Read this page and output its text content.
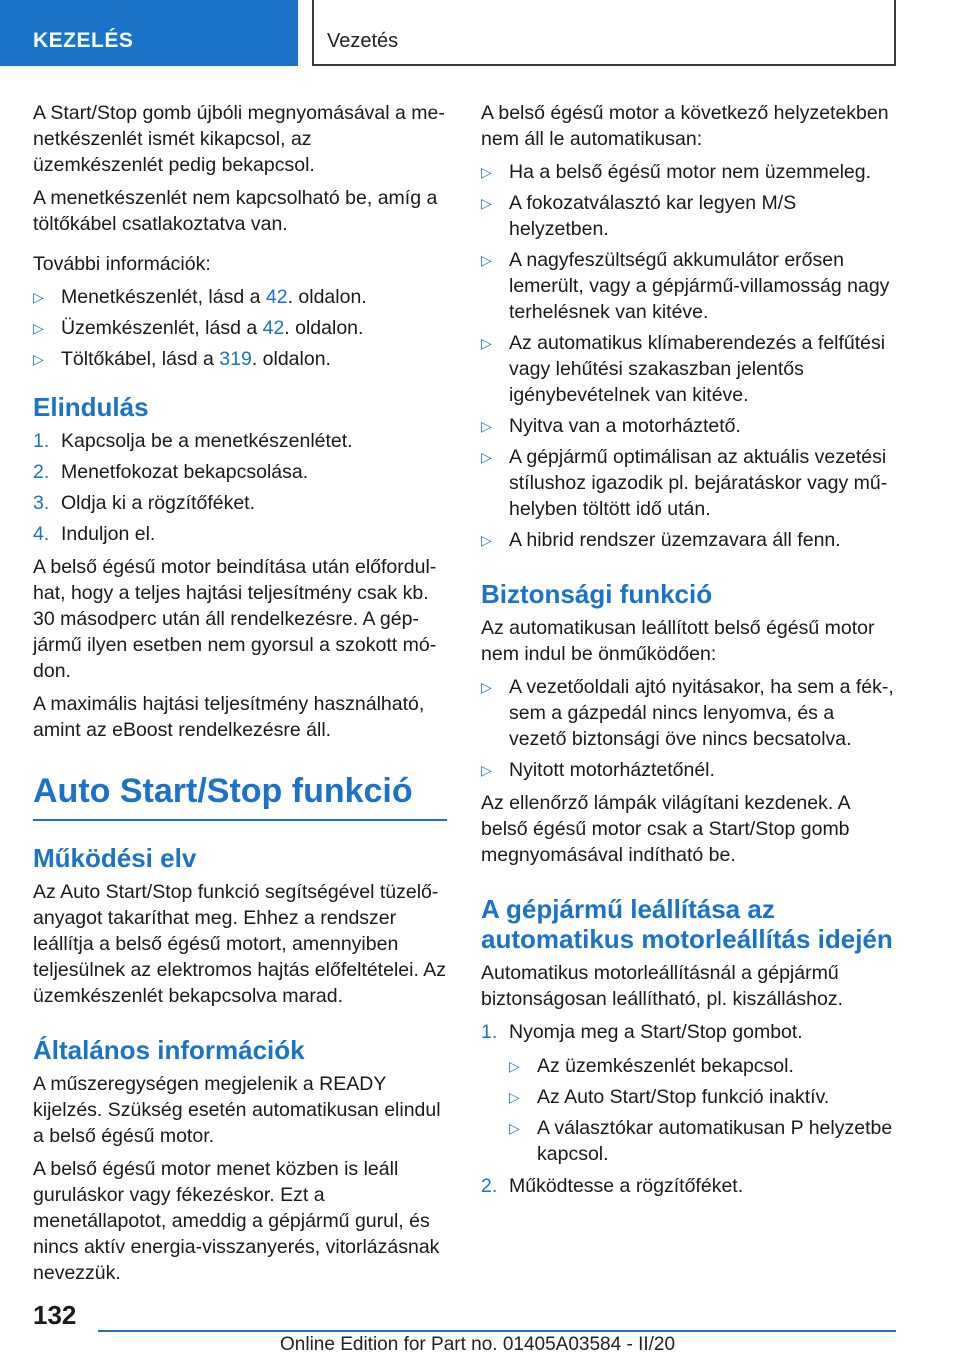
KEZELÉS	Vezetés

A Start/Stop gomb újbóli megnyomásával a menetkészenlét ismét kikapcsol, az üzemkészenlét pedig bekapcsol.

A menetkészenlét nem kapcsolható be, amíg a töltőkábel csatlakoztatva van.

További információk:

▷ Menetkészenlét, lásd a 42. oldalon.
▷ Üzemkészenlét, lásd a 42. oldalon.
▷ Töltőkábel, lásd a 319. oldalon.
Elindulás
1. Kapcsolja be a menetkészenlétet.
2. Menetfokozat bekapcsolása.
3. Oldja ki a rögzítőféket.
4. Induljon el.

A belső égésű motor beindítása után előfordulhat, hogy a teljes hajtási teljesítmény csak kb. 30 másodperc után áll rendelkezésre. A gépjármű ilyen esetben nem gyorsul a szokott módon.

A maximális hajtási teljesítmény használható, amint az eBoost rendelkezésre áll.

Auto Start/Stop funkció
Működési elv

Az Auto Start/Stop funkció segítségével tüzelőanyagot takaríthat meg. Ehhez a rendszer leállítja a belső égésű motort, amennyiben teljesülnek az elektromos hajtás előfeltételei. Az üzemkészenlét bekapcsolva marad.

Általános információk

A műszeregységen megjelenik a READY kijelzés. Szükség esetén automatikusan elindul a belső égésű motor.

A belső égésű motor menet közben is leáll guruláskor vagy fékezéskor. Ezt a menetállapotot, ameddig a gépjármű gurul, és nincs aktív energia-visszanyerés, vitorlázásnak nevezzük.

A belső égésű motor a következő helyzetekben nem áll le automatikusan:

▷ Ha a belső égésű motor nem üzemmeleg.
▷ A fokozatválasztó kar legyen M/S helyzetben.
▷ A nagyfeszültségű akkumulátor erősen lemerült, vagy a gépjármű-villamosság nagy terhelésnek van kitéve.
▷ Az automatikus klímaberendezés a felfűtési vagy lehűtési szakaszban jelentős igénybevételnek van kitéve.
▷ Nyitva van a motorháztető.
▷ A gépjármű optimálisan az aktuális vezetési stílushoz igazodik pl. bejáratáskor vagy műhelyben töltött idő után.
▷ A hibrid rendszer üzemzavara áll fenn.
Biztonsági funkció

Az automatikusan leállított belső égésű motor nem indul be önműködően:

▷ A vezetőoldali ajtó nyitásakor, ha sem a fék-, sem a gázpedál nincs lenyomva, és a vezető biztonsági öve nincs becsatolva.
▷ Nyitott motorháztetőnél.

Az ellenőrző lámpák világítani kezdenek. A belső égésű motor csak a Start/Stop gomb megnyomásával indítható be.

A gépjármű leállítása az automatikus motorleállítás idején

Automatikus motorleállításnál a gépjármű biztonságosan leállítható, pl. kiszálláshoz.

1. Nyomja meg a Start/Stop gombot.
▷ Az üzemkészenlét bekapcsol.
▷ Az Auto Start/Stop funkció inaktív.
▷ A választókar automatikusan P helyzetbe kapcsol.
2. Működtesse a rögzítőféket.
132
Online Edition for Part no. 01405A03584 - II/20
